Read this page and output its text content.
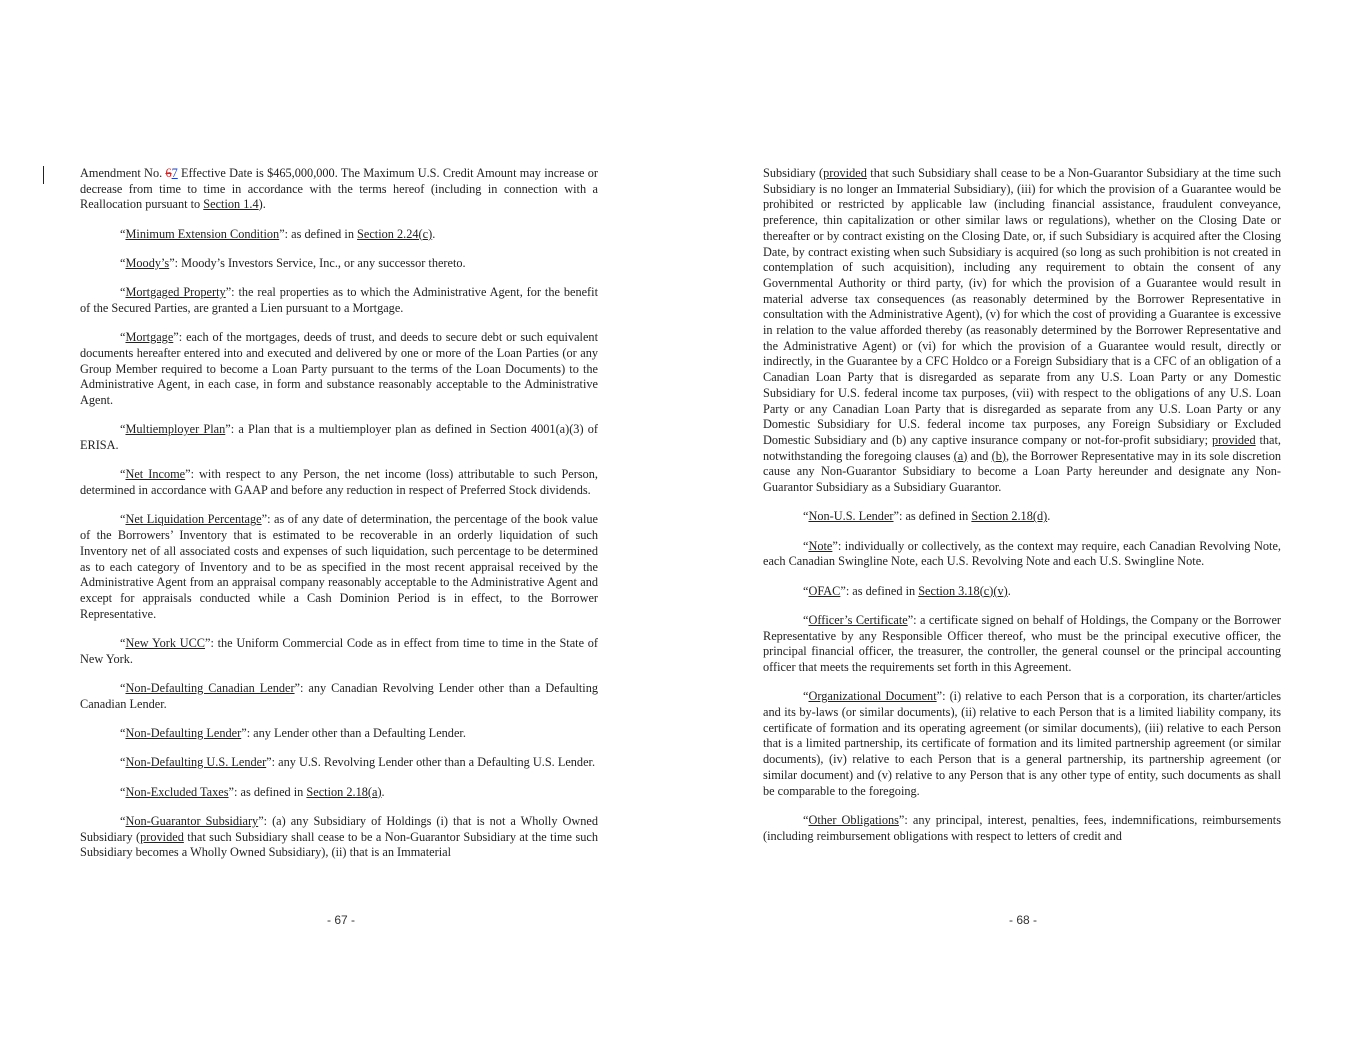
Amendment No. 67 Effective Date is $465,000,000. The Maximum U.S. Credit Amount may increase or decrease from time to time in accordance with the terms hereof (including in connection with a Reallocation pursuant to Section 1.4).

“Minimum Extension Condition”: as defined in Section 2.24(c).

“Moody’s”: Moody’s Investors Service, Inc., or any successor thereto.

“Mortgaged Property”: the real properties as to which the Administrative Agent, for the benefit of the Secured Parties, are granted a Lien pursuant to a Mortgage.

“Mortgage”: each of the mortgages, deeds of trust, and deeds to secure debt or such equivalent documents hereafter entered into and executed and delivered by one or more of the Loan Parties (or any Group Member required to become a Loan Party pursuant to the terms of the Loan Documents) to the Administrative Agent, in each case, in form and substance reasonably acceptable to the Administrative Agent.

“Multiemployer Plan”: a Plan that is a multiemployer plan as defined in Section 4001(a)(3) of ERISA.

“Net Income”: with respect to any Person, the net income (loss) attributable to such Person, determined in accordance with GAAP and before any reduction in respect of Preferred Stock dividends.

“Net Liquidation Percentage”: as of any date of determination, the percentage of the book value of the Borrowers’ Inventory that is estimated to be recoverable in an orderly liquidation of such Inventory net of all associated costs and expenses of such liquidation, such percentage to be determined as to each category of Inventory and to be as specified in the most recent appraisal received by the Administrative Agent from an appraisal company reasonably acceptable to the Administrative Agent and except for appraisals conducted while a Cash Dominion Period is in effect, to the Borrower Representative.

“New York UCC”: the Uniform Commercial Code as in effect from time to time in the State of New York.

“Non-Defaulting Canadian Lender”: any Canadian Revolving Lender other than a Defaulting Canadian Lender.

“Non-Defaulting Lender”: any Lender other than a Defaulting Lender.

“Non-Defaulting U.S. Lender”: any U.S. Revolving Lender other than a Defaulting U.S. Lender.

“Non-Excluded Taxes”: as defined in Section 2.18(a).

“Non-Guarantor Subsidiary”: (a) any Subsidiary of Holdings (i) that is not a Wholly Owned Subsidiary (provided that such Subsidiary shall cease to be a Non-Guarantor Subsidiary at the time such Subsidiary becomes a Wholly Owned Subsidiary), (ii) that is an Immaterial

- 67 -

Subsidiary (provided that such Subsidiary shall cease to be a Non-Guarantor Subsidiary at the time such Subsidiary is no longer an Immaterial Subsidiary), (iii) for which the provision of a Guarantee would be prohibited or restricted by applicable law (including financial assistance, fraudulent conveyance, preference, thin capitalization or other similar laws or regulations), whether on the Closing Date or thereafter or by contract existing on the Closing Date, or, if such Subsidiary is acquired after the Closing Date, by contract existing when such Subsidiary is acquired (so long as such prohibition is not created in contemplation of such acquisition), including any requirement to obtain the consent of any Governmental Authority or third party, (iv) for which the provision of a Guarantee would result in material adverse tax consequences (as reasonably determined by the Borrower Representative in consultation with the Administrative Agent), (v) for which the cost of providing a Guarantee is excessive in relation to the value afforded thereby (as reasonably determined by the Borrower Representative and the Administrative Agent) or (vi) for which the provision of a Guarantee would result, directly or indirectly, in the Guarantee by a CFC Holdco or a Foreign Subsidiary that is a CFC of an obligation of a Canadian Loan Party that is disregarded as separate from any U.S. Loan Party or any Domestic Subsidiary for U.S. federal income tax purposes, (vii) with respect to the obligations of any U.S. Loan Party or any Canadian Loan Party that is disregarded as separate from any U.S. Loan Party or any Domestic Subsidiary for U.S. federal income tax purposes, any Foreign Subsidiary or Excluded Domestic Subsidiary and (b) any captive insurance company or not-for-profit subsidiary; provided that, notwithstanding the foregoing clauses (a) and (b), the Borrower Representative may in its sole discretion cause any Non-Guarantor Subsidiary to become a Loan Party hereunder and designate any Non-Guarantor Subsidiary as a Subsidiary Guarantor.

“Non-U.S. Lender”: as defined in Section 2.18(d).

“Note”: individually or collectively, as the context may require, each Canadian Revolving Note, each Canadian Swingline Note, each U.S. Revolving Note and each U.S. Swingline Note.

“OFAC”: as defined in Section 3.18(c)(v).

“Officer’s Certificate”: a certificate signed on behalf of Holdings, the Company or the Borrower Representative by any Responsible Officer thereof, who must be the principal executive officer, the principal financial officer, the treasurer, the controller, the general counsel or the principal accounting officer that meets the requirements set forth in this Agreement.

“Organizational Document”: (i) relative to each Person that is a corporation, its charter/articles and its by-laws (or similar documents), (ii) relative to each Person that is a limited liability company, its certificate of formation and its operating agreement (or similar documents), (iii) relative to each Person that is a limited partnership, its certificate of formation and its limited partnership agreement (or similar documents), (iv) relative to each Person that is a general partnership, its partnership agreement (or similar document) and (v) relative to any Person that is any other type of entity, such documents as shall be comparable to the foregoing.

“Other Obligations”: any principal, interest, penalties, fees, indemnifications, reimbursements (including reimbursement obligations with respect to letters of credit and

- 68 -
